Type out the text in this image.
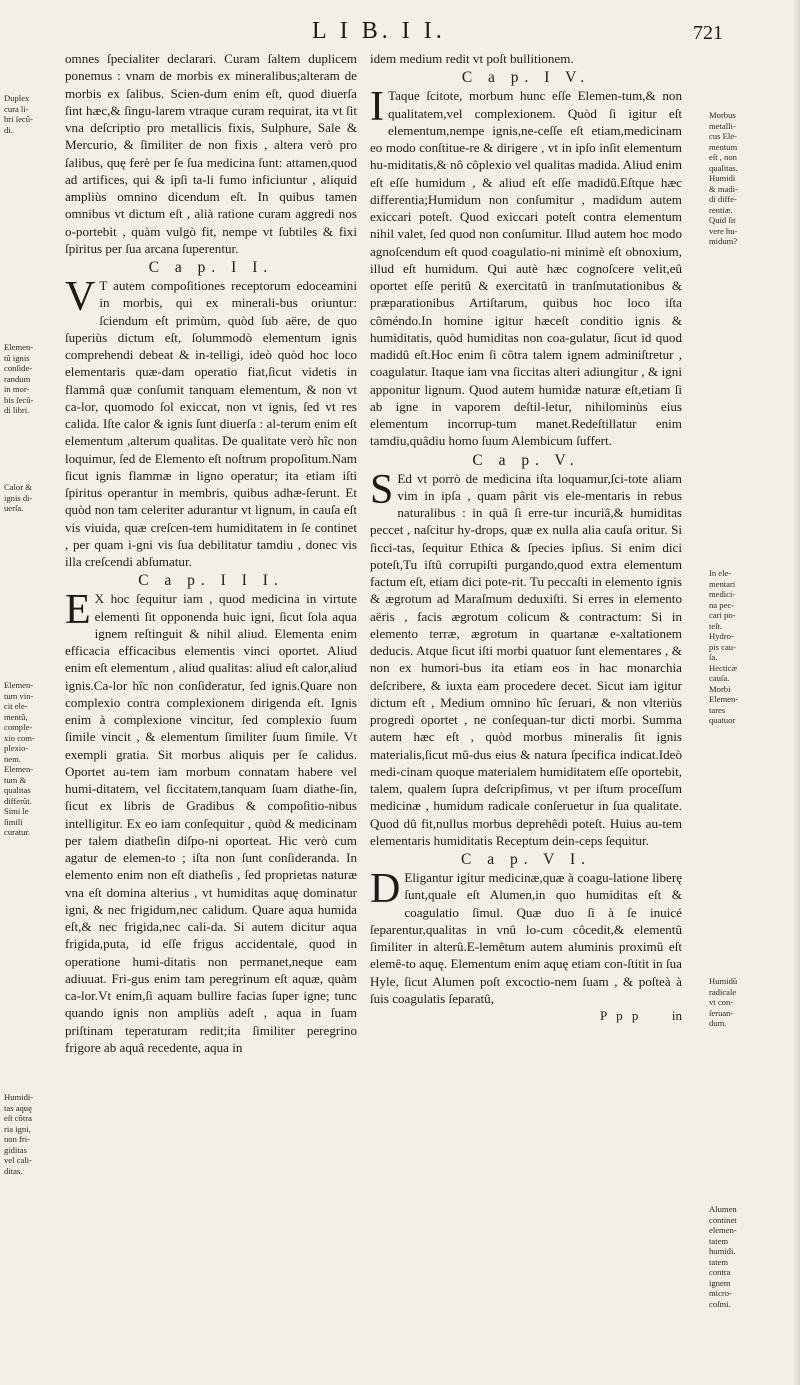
L I B. I I.	721
Duplex
cura li-
bri ſecû-
di.
Elemen-
tû ignis
conſide-
randum
in mor-
bis ſecû-
di libri.
Calor &
ignis di-
uerſa.
Elemen-
tum vin-
cit ele-
mentû,
comple-
xio com-
plexio-
nem.
Elemen-
tum &
qualitas
differût.
Simi le
ſimili
curatur.
Humidi-
tas aquę
eſt côtra
ria igni,
non fri-
giditas
vel cali-
ditas.
Morbus
metalli-
cus Ele-
mentum
eſt , non
qualitas.
Humidi
& madi-
di diffe-
rentiæ.
Quid ſit
vere hu-
midum?
In ele-
mentari
medici-
na pec-
cari po-
teſt.
Hydro-
pis cau-
ſa.
Hecticæ
cauſa.
Morbi
Elemen-
tares
quatuor
Humidũ
radicale
vt con-
ſeruan-
dum.
Alumen
continet
elemen-
tatem
humidi.
tatem
contra
ignem
micro-
coſmi.

omnes ſpecialiter declarari. Curam ſaltem duplicem ponemus : vnam de morbis ex mineralibus;alteram de morbis ex ſalibus. Scien-dum enim eſt, quod diuerſa ſint hæc,& ſingu-larem vtraque curam requirat, ita vt ſit vna deſcriptio pro metallicis fixis, Sulphure, Sale & Mercurio, & ſimiliter de non fixis , altera verò pro ſalibus, quę ferè per ſe ſua medicina ſunt: attamen,quod ad artifices, qui & ipſi ta-li fumo inficiuntur , aliquid ampliùs omnino dicendum eſt. In quibus tamen omnibus vt dictum eſt , alià ratione curam aggredi nos o-portebit , quàm vulgò fit, nempe vt ſubtiles & fixi ſpiritus per ſua arcana ſuperentur.

C a p. I I.

V T autem compoſitiones receptorum edoceamini in morbis, qui ex minerali-bus oriuntur: ſciendum eſt primùm, quòd ſub aëre, de quo ſuperiùs dictum eſt, ſolummodò elementum ignis comprehendi debeat & in-telligi, ideò quòd hoc loco elementaris quæ-dam operatio fiat,ſicut videtis in flammâ quæ conſumit tanquam elementum, & non vt ca-lor, quomodo ſol exiccat, non vt ignis, ſed vt res calida. Iſte calor & ignis ſunt diuerſa : al-terum enim eſt elementum ,alterum qualitas. De qualitate verò hîc non loquimur, ſed de Elemento eſt noſtrum propoſitum.Nam ſicut ignis flammæ in ligno operatur; ita etiam iſti ſpiritus operantur in membris, quibus adhæ-ſerunt. Et quòd non tam celeriter adurantur vt lignum, in cauſa eſt vis viuida, quæ creſcen-tem humiditatem in ſe continet , per quam i-gni vis ſua debilitatur tamdiu , donec vis illa creſcendi abſumatur.

C a p. I I I.

E X hoc ſequitur iam , quod medicina in virtute elementi ſit opponenda huic igni, ſicut ſola aqua ignem reſtinguit & nihil aliud. Elementa enim efficacia efficacibus elementis vinci oportet. Aliud enim eſt elementum , aliud qualitas: aliud eſt calor,aliud ignis.Ca-lor hîc non conſideratur, ſed ignis.Quare non complexio contra complexionem dirigenda eſt. Ignis enim à complexione vincitur, ſed complexio ſuum ſimile vincit , & elementum ſimiliter ſuum ſimile. Vt exempli gratia. Sit morbus aliquis per ſe calidus. Oportet au-tem iam morbum connatam habere vel humi-ditatem, vel ſiccitatem,tanquam ſuam diathe-ſin, ſicut ex libris de Gradibus & compoſitio-nibus intelligitur. Ex eo iam conſequitur , quòd & medicinam per talem diatheſin diſpo-ni oporteat. Hic verò cum agatur de elemen-to ; iſta non ſunt conſideranda. In elemento enim non eſt diatheſis , ſed proprietas naturæ vna eſt domina alterius , vt humiditas aquę dominatur igni, & nec frigidum,nec calidum. Quare aqua humida eſt,& nec frigida,nec cali-da. Si autem dicitur aqua frigida,puta, id eſſe frigus accidentale, quod in operatione humi-ditatis non permanet,neque eam adiuuat. Fri-gus enim tam peregrinum eſt aquæ, quàm ca-lor.Vt enim,ſi aquam bullire facias ſuper igne; tunc quando ignis non ampliùs adeſt , aqua in ſuam priſtinam teperaturam redit;ita ſimiliter peregrino frigore ab aquâ recedente, aqua in

idem medium redit vt poſt bullitionem.

C a p. I V.

I Taque ſcitote, morbum hunc eſſe Elemen-tum,& non qualitatem,vel complexionem. Quòd ſi igitur eſt elementum,nempe ignis,ne-ceſſe eſt etiam,medicinam eo modo conſtitue-re & dirigere , vt in ipſo inſit elementum hu-miditatis,& nô côplexio vel qualitas madida. Aliud enim eſt eſſe humidum , & aliud eſt eſſe madidû.Eſtque hæc differentia;Humidum non conſumitur , madidum autem exiccari poteſt. Quod exiccari poteſt contra elementum nihil valet, ſed quod non conſumitur. Illud autem hoc modo agnoſcendum eſt quod coagulatio-ni minimè eſt obnoxium, illud eſt humidum. Qui autè hæc cognoſcere velit,eû oportet eſſe peritû & exercitatû in tranſmutationibus & præparationibus Artiſtarum, quibus hoc loco iſta côméndo.In homine igitur hæceſt conditio ignis & humiditatis, quòd humiditas non coa-gulatur, ſicut id quod madidû eſt.Hoc enim ſi côtra talem ignem adminiſtretur , coagulatur. Itaque iam vna ſiccitas alteri adiungitur , & igni apponitur lignum. Quod autem humidæ naturæ eſt,etiam ſi ab igne in vaporem deſtil-letur, nihilominùs eius elementum incorrup-tum manet.Redeſtillatur enim tamdiu,quâdiu homo ſuum Alembicum ſuffert.

C a p. V.

S Ed vt porrò de medicina iſta loquamur,ſci-tote aliam vim in ipſa , quam pârit vis ele-mentaris in rebus naturalibus : in quâ ſi erre-tur incuriâ,& humiditas peccet , naſcitur hy-drops, quæ ex nulla alia cauſa oritur. Si ſicci-tas, ſequitur Ethica & ſpecies ipſius. Si enim dici poteſt,Tu iſtû corrupiſti purgando,quod extra elementum factum eſt, etiam dici pote-rit. Tu peccaſti in elemento ignis & ægrotum ad Maraſmum deduxiſti. Si erres in elemento aëris , facis ægrotum colicum & contractum: Si in elemento terræ, ægrotum in quartanæ e-xaltationem deducis. Atque ſicut iſti morbi quatuor ſunt elementares , & non ex humori-bus ita etiam eos in hac monarchia deſcribere, & iuxta eam procedere decet. Sicut iam igitur dictum eſt , Medium omnino hîc ſeruari, & non vlteriùs progredi oportet , ne conſequan-tur dicti morbi. Summa autem hæc eſt , quòd morbus mineralis ſit ignis materialis,ſicut mû-dus eius & natura ſpecifica indicat.Ideò medi-cinam quoque materialem humiditatem eſſe oportebit, talem, qualem ſupra deſcripſimus, vt per iſtum proceſſum medicinæ , humidum radicale conſeruetur in ſua qualitate. Quod dû fit,nullus morbus deprehêdi poteſt. Huius au-tem elementaris humiditatis Receptum dein-ceps ſequitur.

C a p. V I.

D Eligantur igitur medicinæ,quæ à coagu-latione liberę ſunt,quale eſt Alumen,in quo humiditas eſt & coagulatio ſimul. Quæ duo ſi à ſe inuicé ſeparentur,qualitas in vnû lo-cum côcedit,& elementû ſimiliter in alterû.E-lemêtum autem aluminis proximû eſt elemê-to aquę. Elementum enim aquę etiam con-ſtitit in ſua Hyle, ſicut Alumen poſt excoctio-nem ſuam , & poſteà à ſuis coagulatis ſeparatû,

P p p in
